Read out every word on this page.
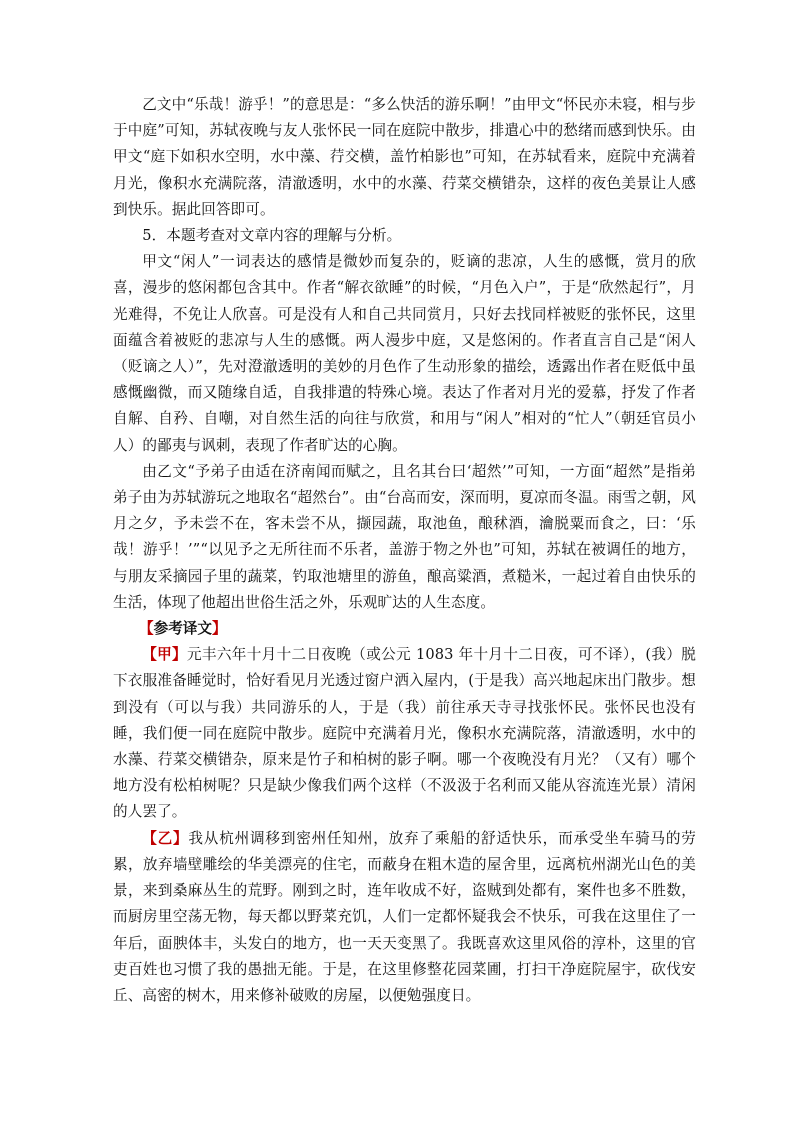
乙文中“乐哉！游乎！”的意思是：“多么快活的游乐啊！”由甲文“怀民亦未寝，相与步于中庭”可知，苏轼夜晚与友人张怀民一同在庭院中散步，排遣心中的愁绪而感到快乐。由甲文“庭下如积水空明，水中藻、荇交横，盖竹柏影也”可知，在苏轼看来，庭院中充满着月光，像积水充满院落，清澈透明，水中的水藻、荇菜交横错杂，这样的夜色美景让人感到快乐。据此回答即可。

5．本题考查对文章内容的理解与分析。

甲文“闲人”一词表达的感情是微妙而复杂的，贬谪的悲凉，人生的感慨，赏月的欣喜，漫步的悠闲都包含其中。作者“解衣欲睡”的时候，“月色入户”，于是“欣然起行”，月光难得，不免让人欣喜。可是没有人和自己共同赏月，只好去找同样被贬的张怀民，这里面蕴含着被贬的悲凉与人生的感慨。两人漫步中庭，又是悠闲的。作者直言自己是“闲人（贬谪之人）”，先对澄澈透明的美妙的月色作了生动形象的描绘，透露出作者在贬低中虽感慨幽微，而又随缘自适，自我排遣的特殊心境。表达了作者对月光的爱慕，抒发了作者自解、自矜、自嘲，对自然生活的向往与欣赏，和用与“闲人”相对的“忙人”（朝廷官员小人）的鄙夷与讽刺，表现了作者旷达的心胸。

由乙文“予弟子由适在济南闻而赋之，且名其台曰‘超然’”可知，一方面“超然”是指弟弟子由为苏轼游玩之地取名“超然台”。由“台高而安，深而明，夏凉而冬温。雨雪之朝，风月之夕，予未尝不在，客未尝不从，撷园蔬，取池鱼，酿秫酒，瀹脱粟而食之，曰：‘乐哉！游乎！’”“以见予之无所往而不乐者，盖游于物之外也”可知，苏轼在被调任的地方，与朋友采摘园子里的蔬菜，钓取池塘里的游鱼，酿高粱酒，煮糙米，一起过着自由快乐的生活，体现了他超出世俗生活之外，乐观旷达的人生态度。

【参考译文】

【甲】元丰六年十月十二日夜晚（或公元 1083 年十月十二日夜，可不译），(我）脱下衣服准备睡觉时，恰好看见月光透过窗户洒入屋内，(于是我）高兴地起床出门散步。想到没有（可以与我）共同游乐的人，于是（我）前往承天寺寻找张怀民。张怀民也没有睡，我们便一同在庭院中散步。庭院中充满着月光，像积水充满院落，清澈透明，水中的水藻、荇菜交横错杂，原来是竹子和柏树的影子啊。哪一个夜晚没有月光？（又有）哪个地方没有松柏树呢？只是缺少像我们两个这样（不汲汲于名利而又能从容流连光景）清闲的人罢了。

【乙】我从杭州调移到密州任知州，放弃了乘船的舒适快乐，而承受坐车骑马的劳累，放弃墙壁雕绘的华美漂亮的住宅，而蔽身在粗木造的屋舍里，远离杭州湖光山色的美景，来到桑麻丛生的荒野。刚到之时，连年收成不好，盗贼到处都有，案件也多不胜数，而厨房里空荡无物，每天都以野菜充饥，人们一定都怀疑我会不快乐，可我在这里住了一年后，面腴体丰，头发白的地方，也一天天变黑了。我既喜欢这里风俗的淳朴，这里的官吏百姓也习惯了我的愚拙无能。于是，在这里修整花园菜圃，打扫干净庭院屋宇，砍伐安丘、高密的树木，用来修补破败的房屋，以便勉强度日。
